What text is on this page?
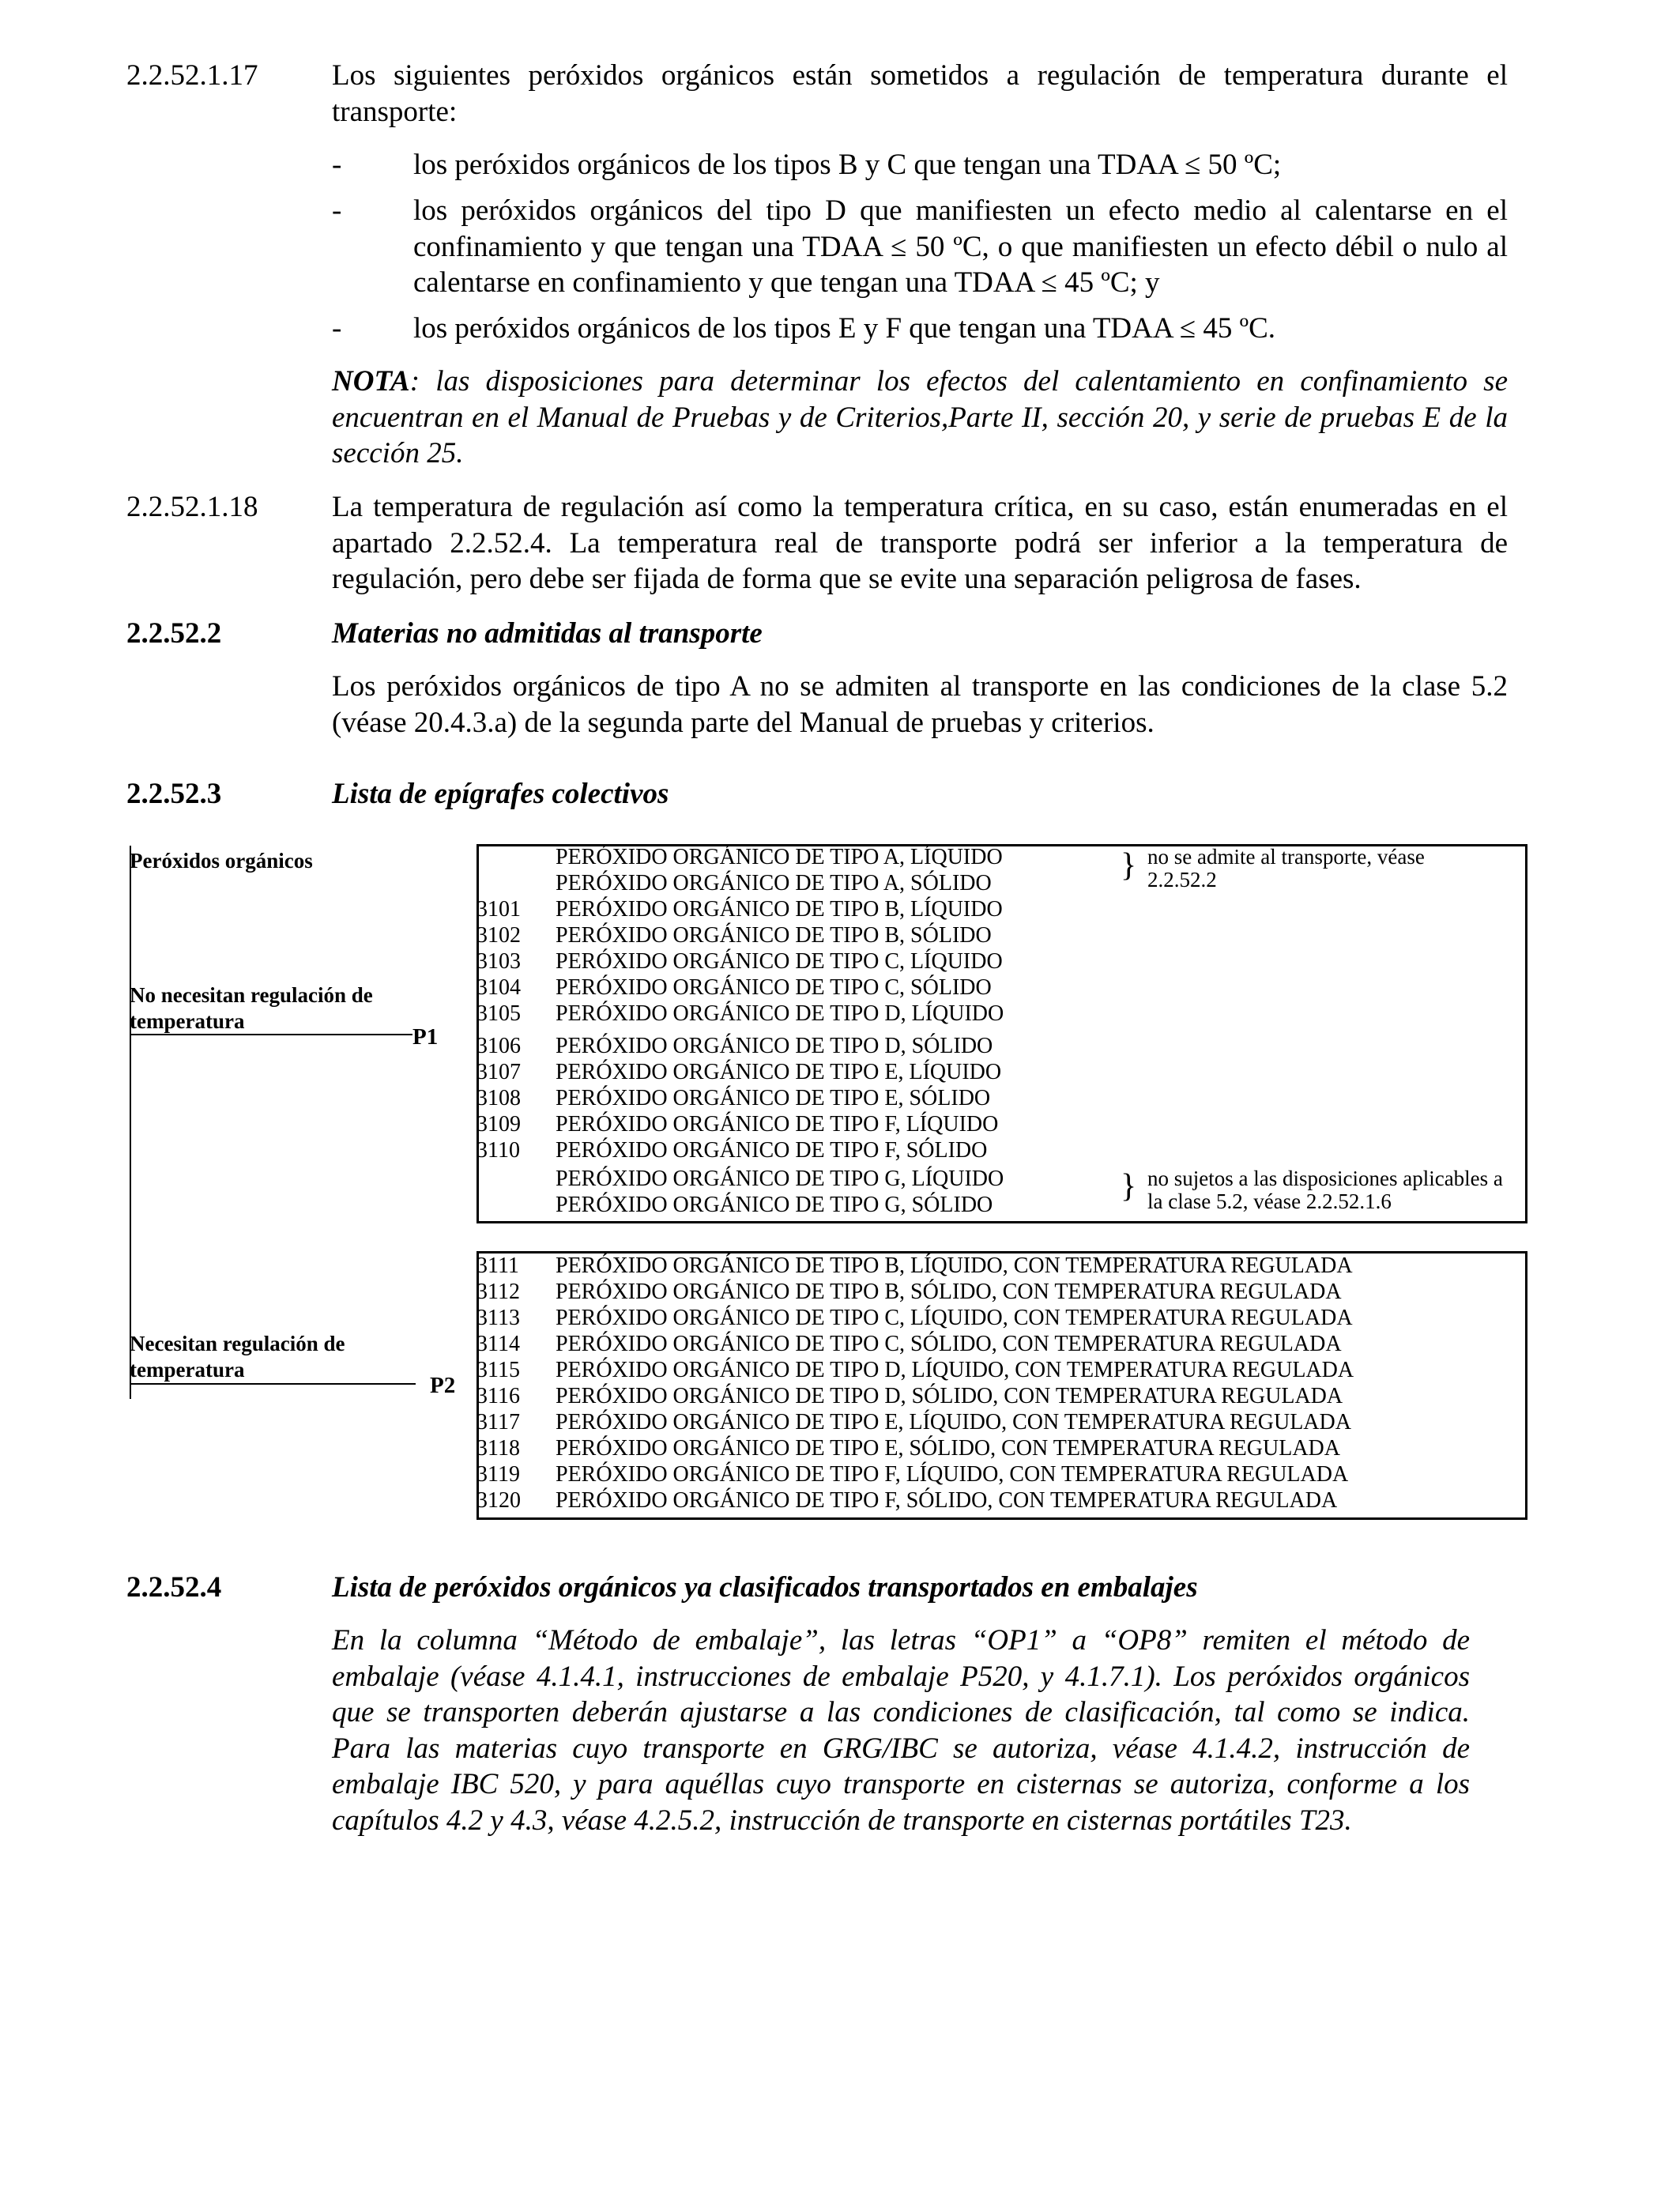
2.2.52.1.17	Los siguientes peróxidos orgánicos están sometidos a regulación de temperatura durante el transporte:
- los peróxidos orgánicos de los tipos B y C que tengan una TDAA ≤ 50 ºC;
- los peróxidos orgánicos del tipo D que manifiesten un efecto medio al calentarse en el confinamiento y que tengan una TDAA ≤ 50 ºC, o que manifiesten un efecto débil o nulo al calentarse en confinamiento y que tengan una TDAA ≤ 45 ºC; y
- los peróxidos orgánicos de los tipos E y F que tengan una TDAA ≤ 45 ºC.
NOTA: las disposiciones para determinar los efectos del calentamiento en confinamiento se encuentran en el Manual de Pruebas y de Criterios,Parte II, sección 20, y serie de pruebas E de la sección 25.
2.2.52.1.18	La temperatura de regulación así como la temperatura crítica, en su caso, están enumeradas en el apartado 2.2.52.4. La temperatura real de transporte podrá ser inferior a la temperatura de regulación, pero debe ser fijada de forma que se evite una separación peligrosa de fases.
2.2.52.2	Materias no admitidas al transporte
Los peróxidos orgánicos de tipo A no se admiten al transporte en las condiciones de la clase 5.2 (véase 20.4.3.a) de la segunda parte del Manual de pruebas y criterios.
2.2.52.3	Lista de epígrafes colectivos
Peróxidos orgánicos
No necesitan regulación de
temperatura
P1
Necesitan regulación de
temperatura
P2
PERÓXIDO ORGÁNICO DE TIPO A, LÍQUIDO
PERÓXIDO ORGÁNICO DE TIPO A, SÓLIDO
3101 PERÓXIDO ORGÁNICO DE TIPO B, LÍQUIDO
3102 PERÓXIDO ORGÁNICO DE TIPO B, SÓLIDO
3103 PERÓXIDO ORGÁNICO DE TIPO C, LÍQUIDO
3104 PERÓXIDO ORGÁNICO DE TIPO C, SÓLIDO
3105 PERÓXIDO ORGÁNICO DE TIPO D, LÍQUIDO
3106 PERÓXIDO ORGÁNICO DE TIPO D, SÓLIDO
3107 PERÓXIDO ORGÁNICO DE TIPO E, LÍQUIDO
3108 PERÓXIDO ORGÁNICO DE TIPO E, SÓLIDO
3109 PERÓXIDO ORGÁNICO DE TIPO F, LÍQUIDO
3110 PERÓXIDO ORGÁNICO DE TIPO F, SÓLIDO
PERÓXIDO ORGÁNICO DE TIPO G, LÍQUIDO
PERÓXIDO ORGÁNICO DE TIPO G, SÓLIDO
} no se admite al transporte, véase
2.2.52.2
} no sujetos a las disposiciones aplicables a
la clase 5.2, véase 2.2.52.1.6
3111 PERÓXIDO ORGÁNICO DE TIPO B, LÍQUIDO, CON TEMPERATURA REGULADA
3112 PERÓXIDO ORGÁNICO DE TIPO B, SÓLIDO, CON TEMPERATURA REGULADA
3113 PERÓXIDO ORGÁNICO DE TIPO C, LÍQUIDO, CON TEMPERATURA REGULADA
3114 PERÓXIDO ORGÁNICO DE TIPO C, SÓLIDO, CON TEMPERATURA REGULADA
3115 PERÓXIDO ORGÁNICO DE TIPO D, LÍQUIDO, CON TEMPERATURA REGULADA
3116 PERÓXIDO ORGÁNICO DE TIPO D, SÓLIDO, CON TEMPERATURA REGULADA
3117 PERÓXIDO ORGÁNICO DE TIPO E, LÍQUIDO, CON TEMPERATURA REGULADA
3118 PERÓXIDO ORGÁNICO DE TIPO E, SÓLIDO, CON TEMPERATURA REGULADA
3119 PERÓXIDO ORGÁNICO DE TIPO F, LÍQUIDO, CON TEMPERATURA REGULADA
3120 PERÓXIDO ORGÁNICO DE TIPO F, SÓLIDO, CON TEMPERATURA REGULADA
2.2.52.4	Lista de peróxidos orgánicos ya clasificados transportados en embalajes
En la columna “Método de embalaje”, las letras “OP1” a “OP8” remiten el método de embalaje (véase 4.1.4.1, instrucciones de embalaje P520, y 4.1.7.1). Los peróxidos orgánicos que se transporten deberán ajustarse a las condiciones de clasificación, tal como se indica. Para las materias cuyo transporte en GRG/IBC se autoriza, véase 4.1.4.2, instrucción de embalaje IBC 520, y para aquéllas cuyo transporte en cisternas se autoriza, conforme a los capítulos 4.2 y 4.3, véase 4.2.5.2, instrucción de transporte en cisternas portátiles T23.
